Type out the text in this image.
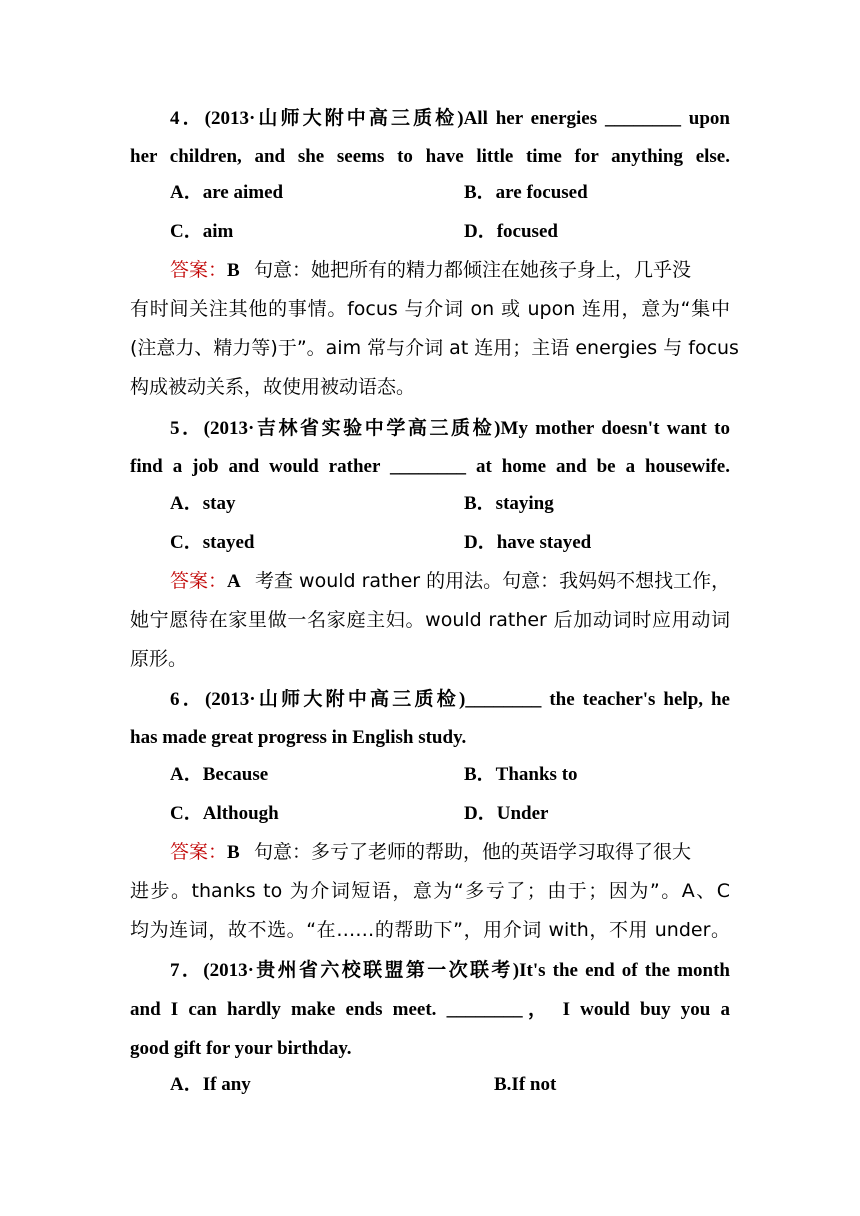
4．(2013·山师大附中高三质检)All her energies ________ upon
her children, and she seems to have little time for anything else.
A．are aimed	B．are focused
C．aim	D．focused
答案：B 句意：她把所有的精力都倾注在她孩子身上，几乎没
有时间关注其他的事情。focus 与介词 on 或 upon 连用，意为“集中
(注意力、精力等)于”。aim 常与介词 at 连用；主语 energies 与 focus
构成被动关系，故使用被动语态。
5．(2013·吉林省实验中学高三质检)My mother doesn't want to
find a job and would rather ________ at home and be a housewife.
A．stay	B．staying
C．stayed	D．have stayed
答案：A 考查 would rather 的用法。句意：我妈妈不想找工作，
她宁愿待在家里做一名家庭主妇。would rather 后加动词时应用动词
原形。
6．(2013·山师大附中高三质检)________ the teacher's help, he
has made great progress in English study.
A．Because	B．Thanks to
C．Although	D．Under
答案：B 句意：多亏了老师的帮助，他的英语学习取得了很大
进步。thanks to 为介词短语，意为“多亏了；由于；因为”。A、C
均为连词，故不选。“在……的帮助下”，用介词 with，不用 under。
7．(2013·贵州省六校联盟第一次联考)It's the end of the month
and I can hardly make ends meet. ________， I would buy you a
good gift for your birthday.
A．If any	B.If not
